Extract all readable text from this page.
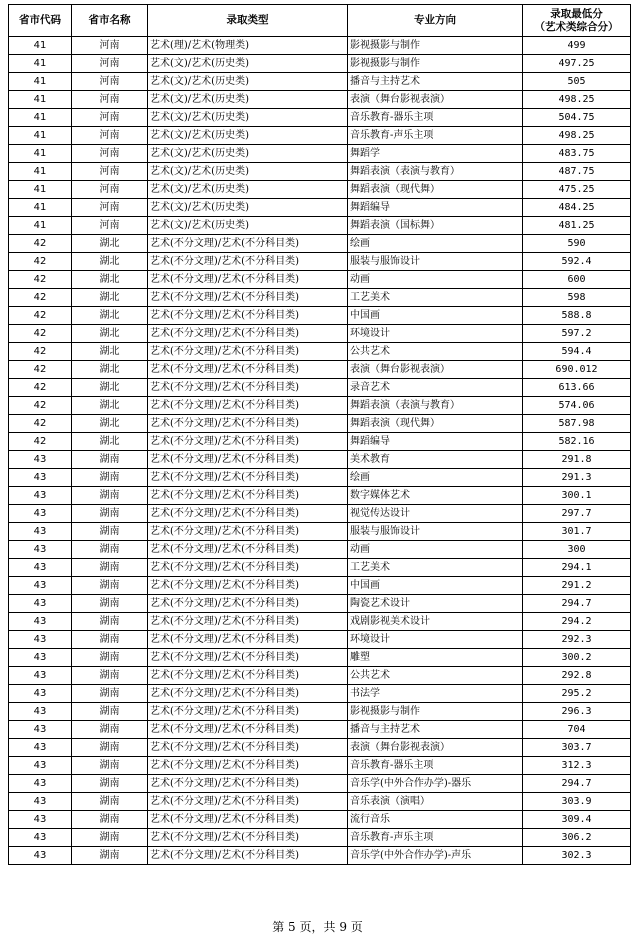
省市代码	省市名称	录取类型	专业方向	录取最低分
（艺术类综合分）

41	河南	艺术(理)/艺术(物理类)	影视摄影与制作	499
41	河南	艺术(文)/艺术(历史类)	影视摄影与制作	497.25
41	河南	艺术(文)/艺术(历史类)	播音与主持艺术	505
41	河南	艺术(文)/艺术(历史类)	表演（舞台影视表演）	498.25
41	河南	艺术(文)/艺术(历史类)	音乐教育-器乐主项	504.75
41	河南	艺术(文)/艺术(历史类)	音乐教育-声乐主项	498.25
41	河南	艺术(文)/艺术(历史类)	舞蹈学	483.75
41	河南	艺术(文)/艺术(历史类)	舞蹈表演（表演与教育）	487.75
41	河南	艺术(文)/艺术(历史类)	舞蹈表演（现代舞）	475.25
41	河南	艺术(文)/艺术(历史类)	舞蹈编导	484.25
41	河南	艺术(文)/艺术(历史类)	舞蹈表演（国标舞）	481.25
42	湖北	艺术(不分文理)/艺术(不分科目类)	绘画	590
42	湖北	艺术(不分文理)/艺术(不分科目类)	服装与服饰设计	592.4
42	湖北	艺术(不分文理)/艺术(不分科目类)	动画	600
42	湖北	艺术(不分文理)/艺术(不分科目类)	工艺美术	598
42	湖北	艺术(不分文理)/艺术(不分科目类)	中国画	588.8
42	湖北	艺术(不分文理)/艺术(不分科目类)	环境设计	597.2
42	湖北	艺术(不分文理)/艺术(不分科目类)	公共艺术	594.4
42	湖北	艺术(不分文理)/艺术(不分科目类)	表演（舞台影视表演）	690.012
42	湖北	艺术(不分文理)/艺术(不分科目类)	录音艺术	613.66
42	湖北	艺术(不分文理)/艺术(不分科目类)	舞蹈表演（表演与教育）	574.06
42	湖北	艺术(不分文理)/艺术(不分科目类)	舞蹈表演（现代舞）	587.98
42	湖北	艺术(不分文理)/艺术(不分科目类)	舞蹈编导	582.16
43	湖南	艺术(不分文理)/艺术(不分科目类)	美术教育	291.8
43	湖南	艺术(不分文理)/艺术(不分科目类)	绘画	291.3
43	湖南	艺术(不分文理)/艺术(不分科目类)	数字媒体艺术	300.1
43	湖南	艺术(不分文理)/艺术(不分科目类)	视觉传达设计	297.7
43	湖南	艺术(不分文理)/艺术(不分科目类)	服装与服饰设计	301.7
43	湖南	艺术(不分文理)/艺术(不分科目类)	动画	300
43	湖南	艺术(不分文理)/艺术(不分科目类)	工艺美术	294.1
43	湖南	艺术(不分文理)/艺术(不分科目类)	中国画	291.2
43	湖南	艺术(不分文理)/艺术(不分科目类)	陶瓷艺术设计	294.7
43	湖南	艺术(不分文理)/艺术(不分科目类)	戏剧影视美术设计	294.2
43	湖南	艺术(不分文理)/艺术(不分科目类)	环境设计	292.3
43	湖南	艺术(不分文理)/艺术(不分科目类)	雕塑	300.2
43	湖南	艺术(不分文理)/艺术(不分科目类)	公共艺术	292.8
43	湖南	艺术(不分文理)/艺术(不分科目类)	书法学	295.2
43	湖南	艺术(不分文理)/艺术(不分科目类)	影视摄影与制作	296.3
43	湖南	艺术(不分文理)/艺术(不分科目类)	播音与主持艺术	704
43	湖南	艺术(不分文理)/艺术(不分科目类)	表演（舞台影视表演）	303.7
43	湖南	艺术(不分文理)/艺术(不分科目类)	音乐教育-器乐主项	312.3
43	湖南	艺术(不分文理)/艺术(不分科目类)	音乐学(中外合作办学)-器乐	294.7
43	湖南	艺术(不分文理)/艺术(不分科目类)	音乐表演（演唱）	303.9
43	湖南	艺术(不分文理)/艺术(不分科目类)	流行音乐	309.4
43	湖南	艺术(不分文理)/艺术(不分科目类)	音乐教育-声乐主项	306.2
43	湖南	艺术(不分文理)/艺术(不分科目类)	音乐学(中外合作办学)-声乐	302.3
第 5 页，共 9 页
